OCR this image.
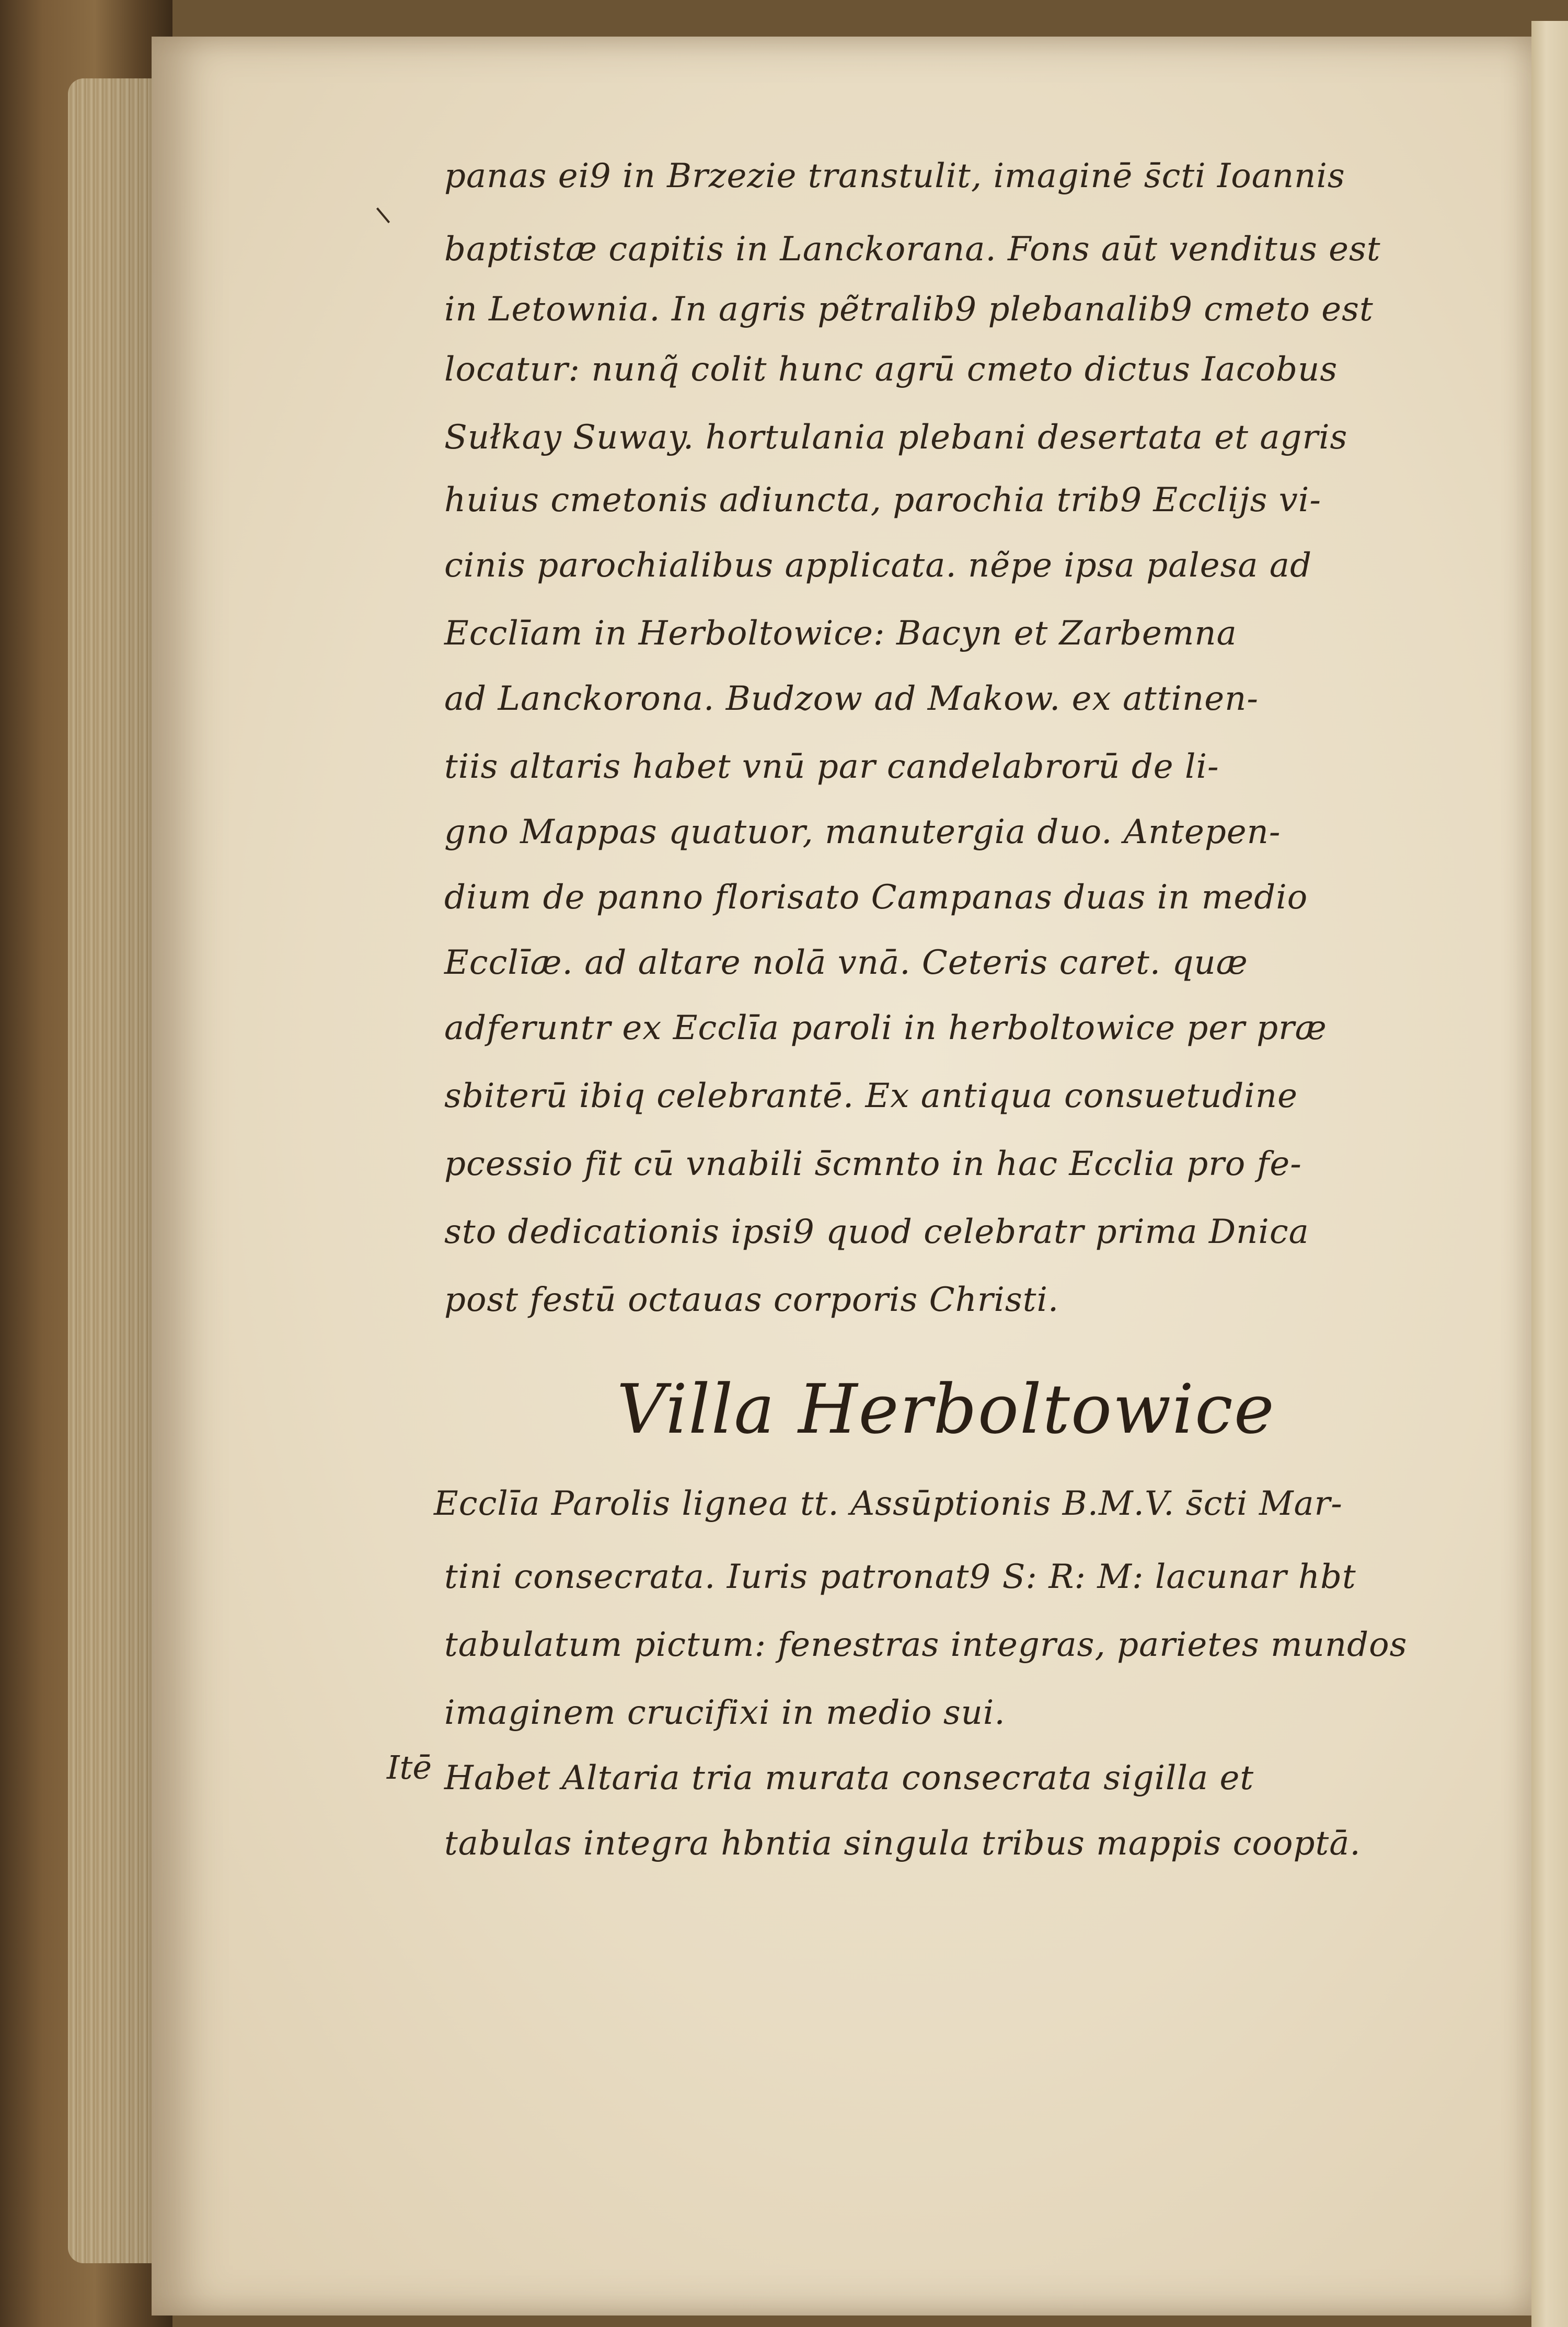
panas ei9 in Brzezie transtulit, imaginē s̄cti Ioannis
baptistæ capitis in Lanckorana. Fons aūt venditus est
in Letownia. In agris pẽtralib9 plebanalib9 cmeto est
locatur: nunq̃ colit hunc agrū cmeto dictus Iacobus
Sułkay Suway. hortulania plebani desertata et agris
huius cmetonis adiuncta, parochia trib9 Ecclijs vi-
cinis parochialibus applicata. nẽpe ipsa palesa ad
Ecclīam in Herboltowice: Bacyn et Zarbemna
ad Lanckorona. Budzow ad Makow. ex attinen-
tiis altaris habet vnū par candelabrorū de li-
gno Mappas quatuor, manutergia duo. Antepen-
dium de panno florisato Campanas duas in medio
Ecclīæ. ad altare nolā vnā. Ceteris caret. quæ
adferuntr ex Ecclīa paroli in herboltowice per præ
sbiterū ibiq celebrantē. Ex antiqua consuetudine
pcessio fit cū vnabili s̄cmnto in hac Ecclia pro fe-
sto dedicationis ipsi9 quod celebratr prima Dnica
post festū octauas corporis Christi.
Villa Herboltowice
Ecclīa Parolis lignea tt. Assūptionis B.M.V. s̄cti Mar-
tini consecrata. Iuris patronat9 S: R: M: lacunar hbt
tabulatum pictum: fenestras integras, parietes mundos
imaginem crucifixi in medio sui.
Itē Habet Altaria tria murata consecrata sigilla et
tabulas integra hbntia singula tribus mappis cooptā.
